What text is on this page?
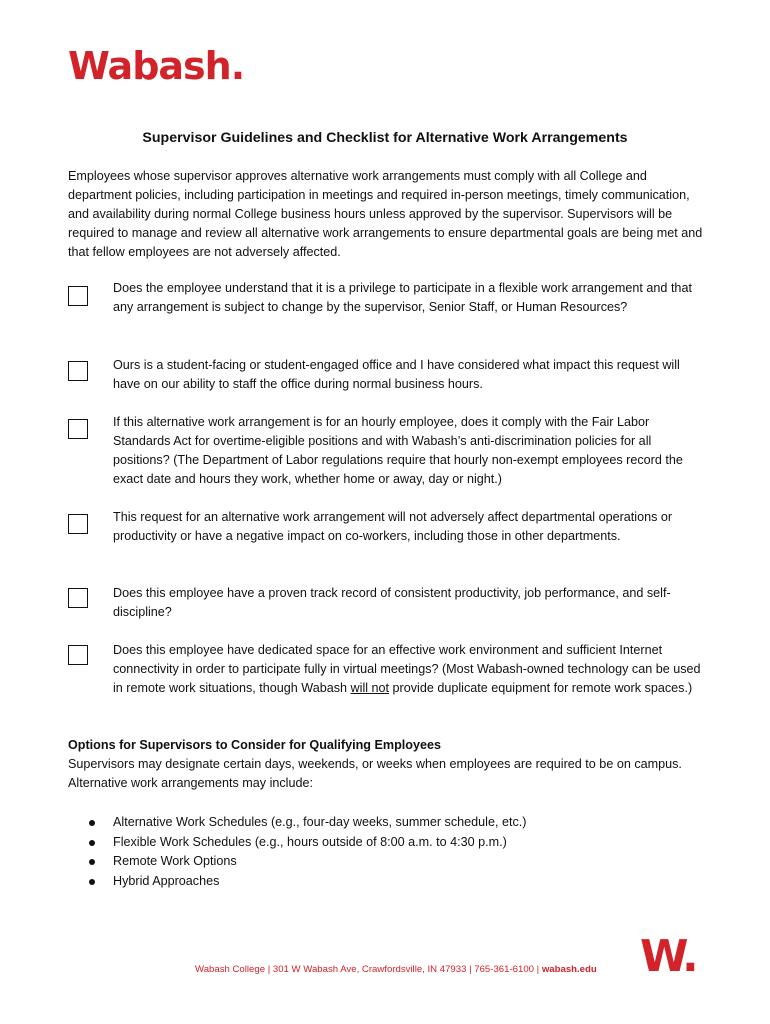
Wabash.
Supervisor Guidelines and Checklist for Alternative Work Arrangements

Employees whose supervisor approves alternative work arrangements must comply with all College and department policies, including participation in meetings and required in-person meetings, timely communication, and availability during normal College business hours unless approved by the supervisor. Supervisors will be required to manage and review all alternative work arrangements to ensure departmental goals are being met and that fellow employees are not adversely affected.

Does the employee understand that it is a privilege to participate in a flexible work arrangement and that any arrangement is subject to change by the supervisor, Senior Staff, or Human Resources?

Ours is a student-facing or student-engaged office and I have considered what impact this request will have on our ability to staff the office during normal business hours.

If this alternative work arrangement is for an hourly employee, does it comply with the Fair Labor Standards Act for overtime-eligible positions and with Wabash’s anti-discrimination policies for all positions? (The Department of Labor regulations require that hourly non-exempt employees record the exact date and hours they work, whether home or away, day or night.)

This request for an alternative work arrangement will not adversely affect departmental operations or productivity or have a negative impact on co-workers, including those in other departments.

Does this employee have a proven track record of consistent productivity, job performance, and self-discipline?

Does this employee have dedicated space for an effective work environment and sufficient Internet connectivity in order to participate fully in virtual meetings? (Most Wabash-owned technology can be used in remote work situations, though Wabash will not provide duplicate equipment for remote work spaces.)

Options for Supervisors to Consider for Qualifying Employees

Supervisors may designate certain days, weekends, or weeks when employees are required to be on campus. Alternative work arrangements may include:

Alternative Work Schedules (e.g., four-day weeks, summer schedule, etc.)
Flexible Work Schedules (e.g., hours outside of 8:00 a.m. to 4:30 p.m.)
Remote Work Options
Hybrid Approaches

Wabash College | 301 W Wabash Ave, Crawfordsville, IN 47933 | 765-361-6100 | wabash.edu W.
